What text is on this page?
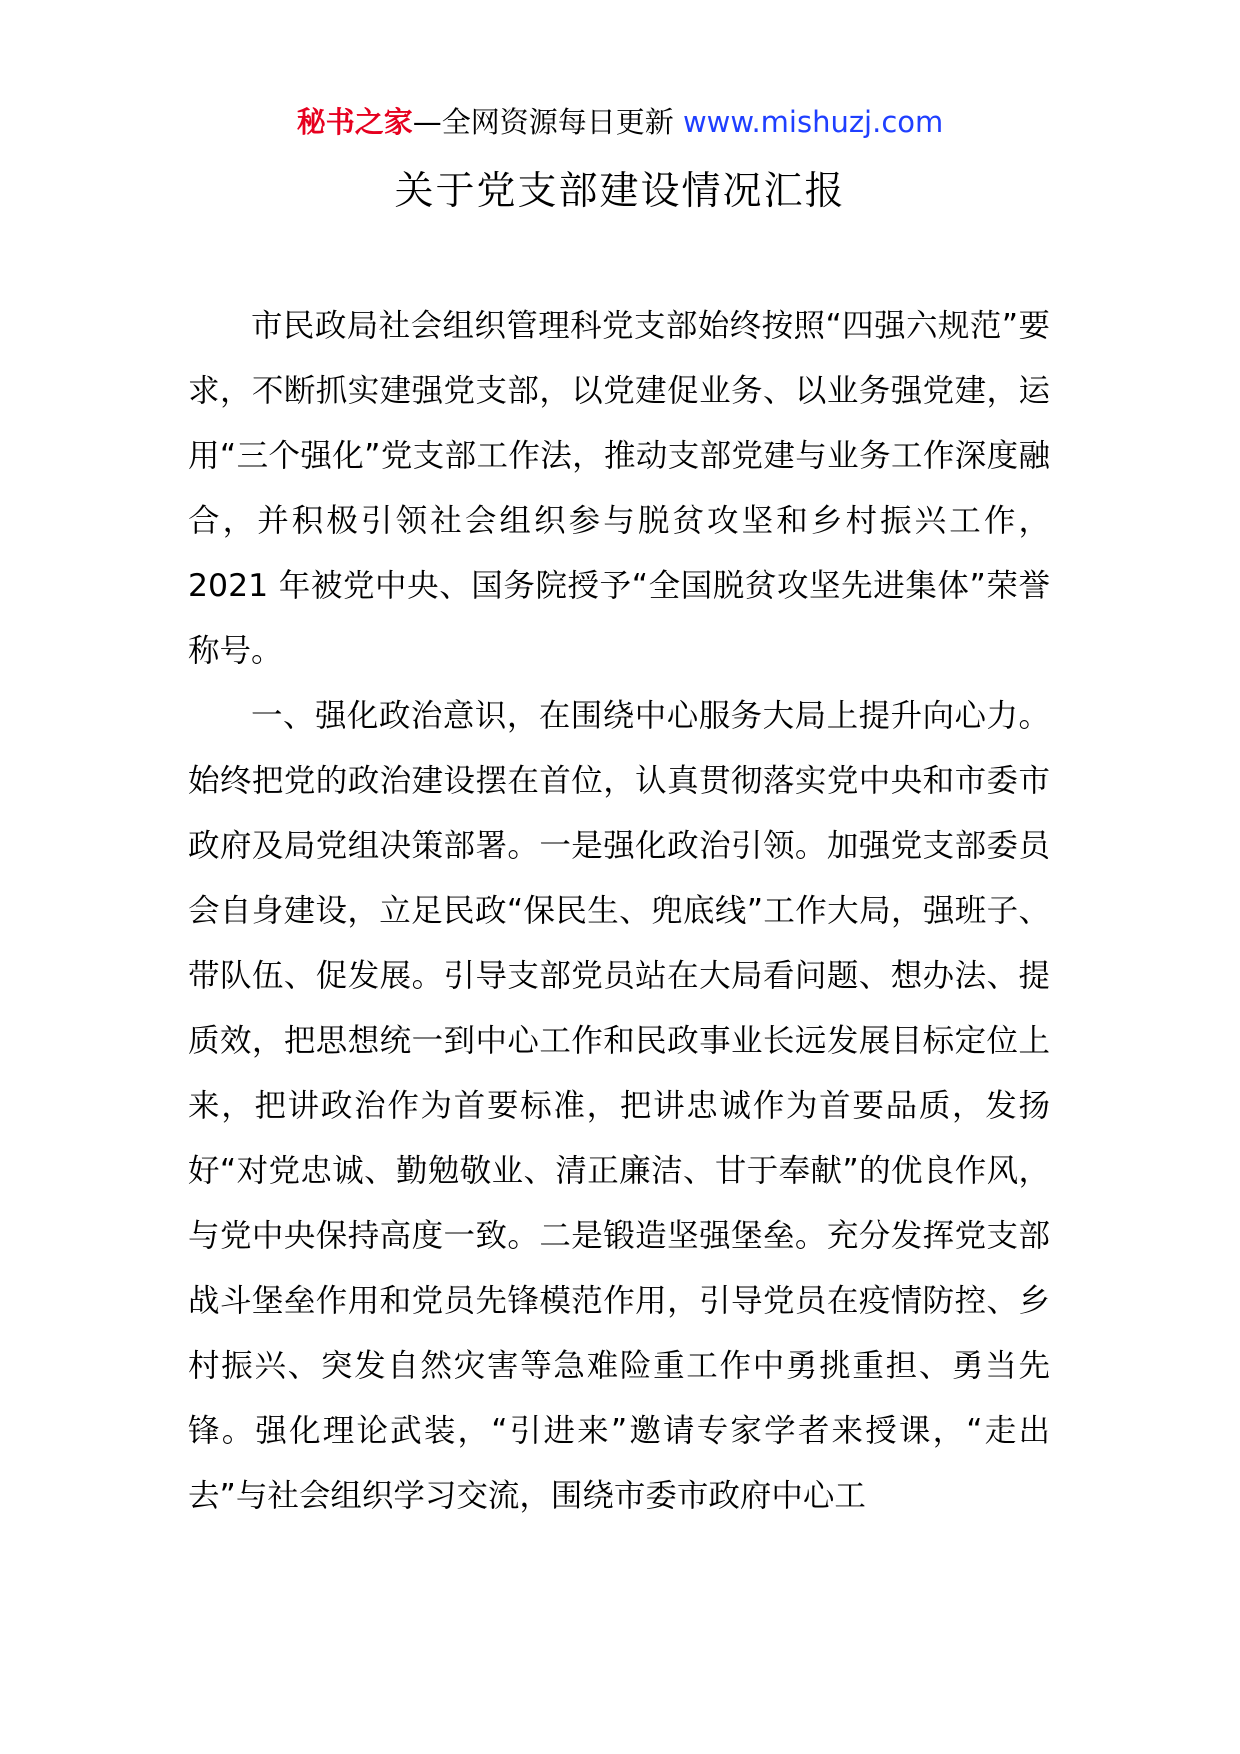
秘书之家—全网资源每日更新 www.mishuzj.com
关于党支部建设情况汇报

市民政局社会组织管理科党支部始终按照“四强六规范”要求，不断抓实建强党支部，以党建促业务、以业务强党建，运用“三个强化”党支部工作法，推动支部党建与业务工作深度融合，并积极引领社会组织参与脱贫攻坚和乡村振兴工作，2021 年被党中央、国务院授予“全国脱贫攻坚先进集体”荣誉称号。

一、强化政治意识，在围绕中心服务大局上提升向心力。始终把党的政治建设摆在首位，认真贯彻落实党中央和市委市政府及局党组决策部署。一是强化政治引领。加强党支部委员会自身建设，立足民政“保民生、兜底线”工作大局，强班子、带队伍、促发展。引导支部党员站在大局看问题、想办法、提质效，把思想统一到中心工作和民政事业长远发展目标定位上来，把讲政治作为首要标准，把讲忠诚作为首要品质，发扬好“对党忠诚、勤勉敬业、清正廉洁、甘于奉献”的优良作风，与党中央保持高度一致。二是锻造坚强堡垒。充分发挥党支部战斗堡垒作用和党员先锋模范作用，引导党员在疫情防控、乡村振兴、突发自然灾害等急难险重工作中勇挑重担、勇当先锋。强化理论武装，“引进来”邀请专家学者来授课，“走出去”与社会组织学习交流，围绕市委市政府中心工
